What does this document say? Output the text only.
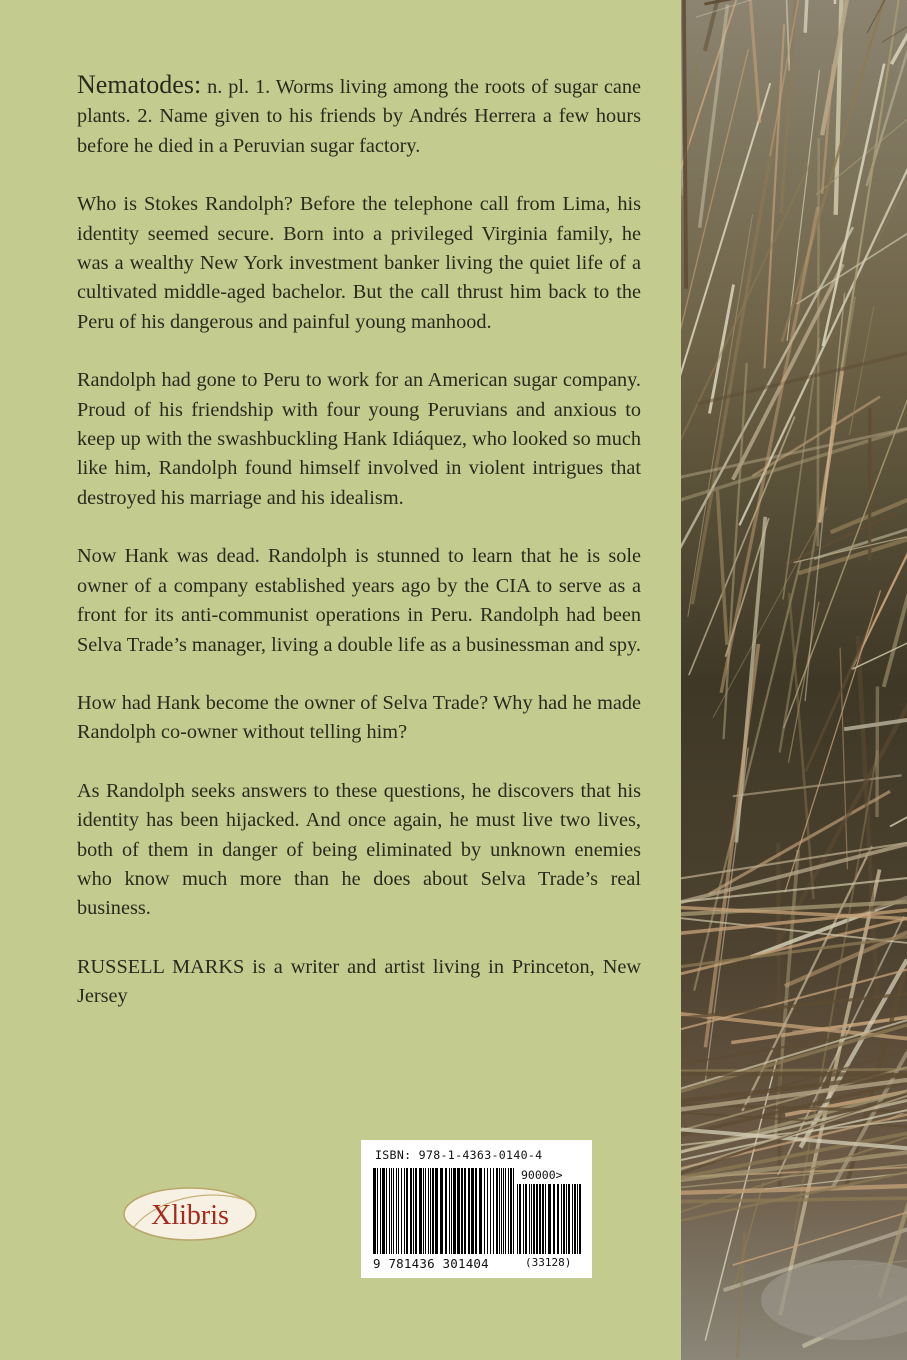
Nematodes: n. pl. 1. Worms living among the roots of sugar cane plants. 2. Name given to his friends by Andrés Herrera a few hours before he died in a Peruvian sugar factory.

Who is Stokes Randolph? Before the telephone call from Lima, his identity seemed secure. Born into a privileged Virginia family, he was a wealthy New York investment banker living the quiet life of a cultivated middle-aged bachelor. But the call thrust him back to the Peru of his dangerous and painful young manhood.

Randolph had gone to Peru to work for an American sugar company. Proud of his friendship with four young Peruvians and anxious to keep up with the swashbuckling Hank Idiáquez, who looked so much like him, Randolph found himself involved in violent intrigues that destroyed his marriage and his idealism.

Now Hank was dead. Randolph is stunned to learn that he is sole owner of a company established years ago by the CIA to serve as a front for its anti-communist operations in Peru. Randolph had been Selva Trade’s manager, living a double life as a businessman and spy.

How had Hank become the owner of Selva Trade? Why had he made Randolph co-owner without telling him?

As Randolph seeks answers to these questions, he discovers that his identity has been hijacked. And once again, he must live two lives, both of them in danger of being eliminated by unknown enemies who know much more than he does about Selva Trade’s real business.

RUSSELL MARKS is a writer and artist living in Princeton, New Jersey

Xlibris
ISBN: 978-1-4363-0140-4
90000>
9 781436 301404	(33128)
